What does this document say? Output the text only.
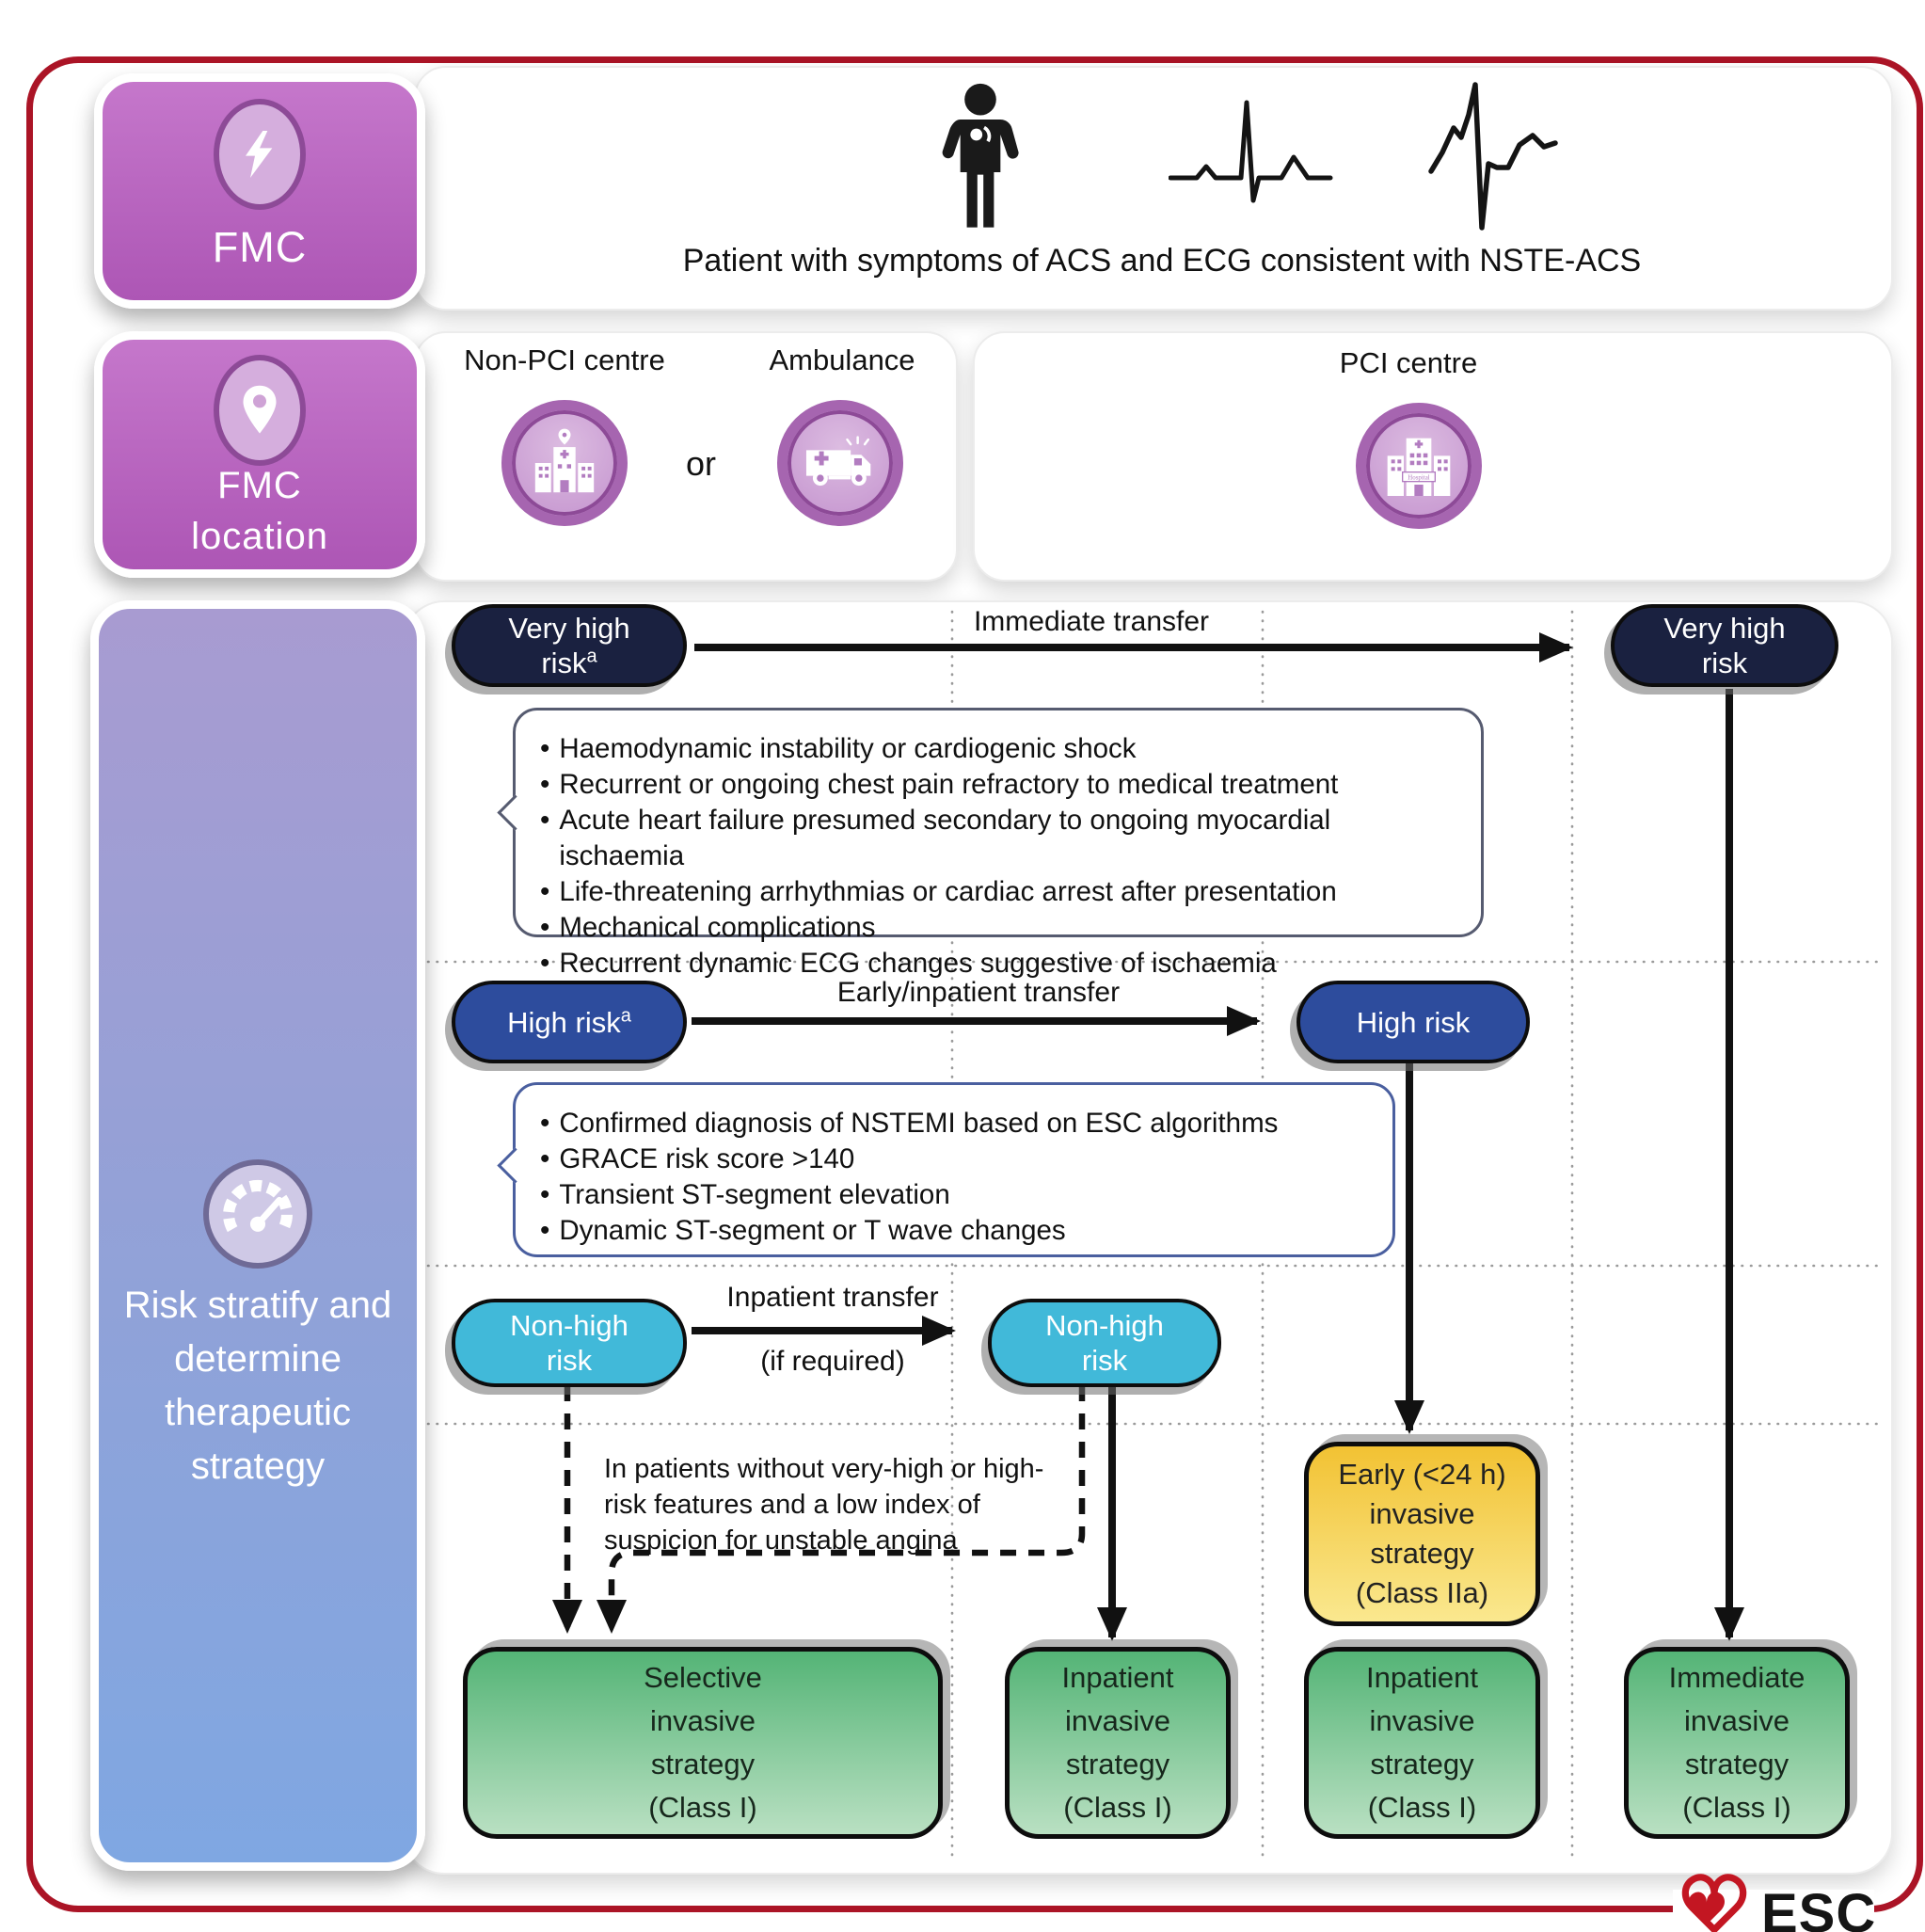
Patient with symptoms of ACS and ECG consistent with NSTE-ACS
FMC
Non-PCI centre	Ambulance	PCI centre
or	Hospital
FMC
location
Risk stratify and determine therapeutic strategy
Very high
risk$^a$
Immediate transfer	Very high
risk
• Haemodynamic instability or cardiogenic shock
• Recurrent or ongoing chest pain refractory to medical treatment
• Acute heart failure presumed secondary to ongoing myocardial ischaemia
• Life-threatening arrhythmias or cardiac arrest after presentation
• Mechanical complications
• Recurrent dynamic ECG changes suggestive of ischaemia
High risk$^a$
Early/inpatient transfer
High risk
• Confirmed diagnosis of NSTEMI based on ESC algorithms
• GRACE risk score >140
• Transient ST-segment elevation
• Dynamic ST-segment or T wave changes
Non-high
risk
Inpatient transfer
(if required)
Non-high
risk
In patients without very-high or high-risk features and a low index of suspicion for unstable angina
Early (<24 h)
invasive
strategy
(Class IIa)
Selective
invasive
strategy
(Class I)
Inpatient
invasive
strategy
(Class I)
Inpatient
invasive
strategy
(Class I)
Immediate
invasive
strategy
(Class I)
ESC
